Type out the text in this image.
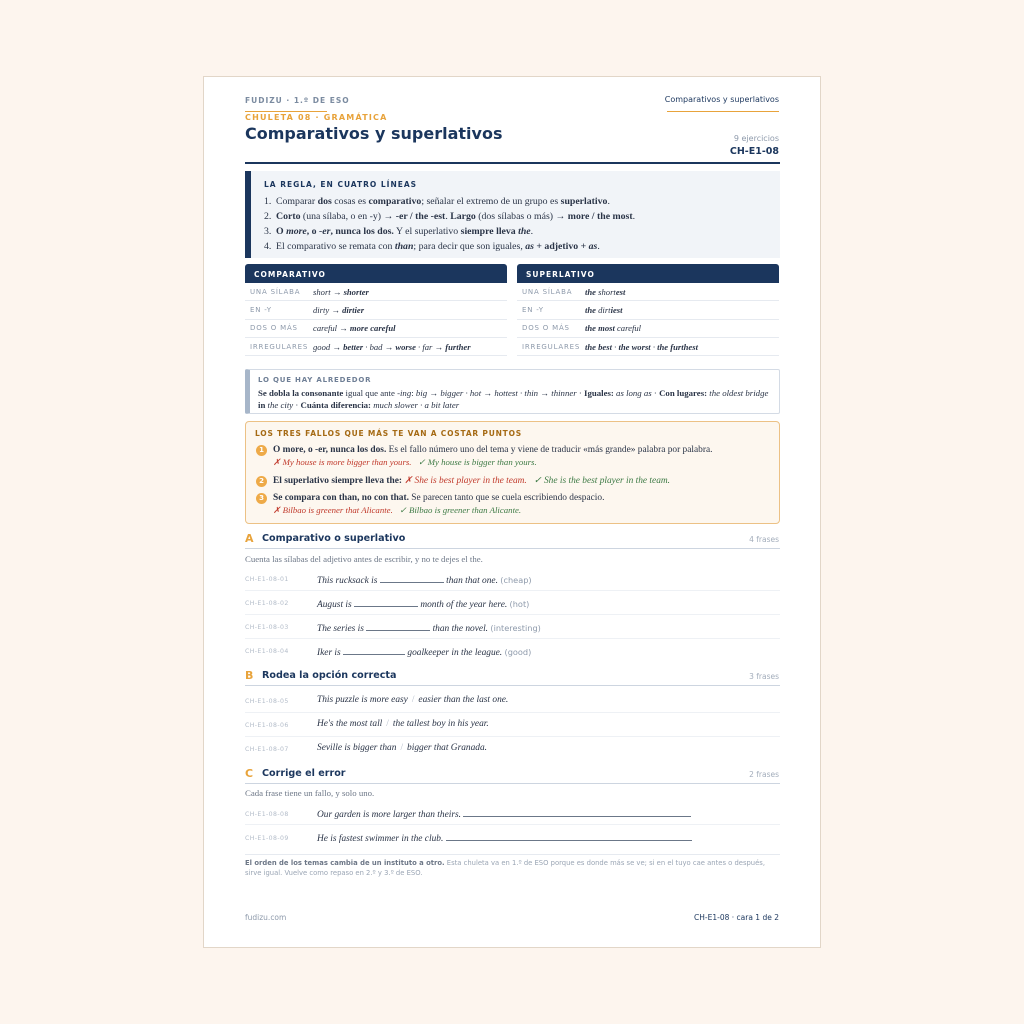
FUDIZU · 1.º DE ESO	Comparativos y superlativos
CHULETA 08 · GRAMÁTICA
Comparativos y superlativos	9 ejercicios
CH-E1-08
LA REGLA, EN CUATRO LÍNEAS
1. Comparar dos cosas es comparativo; señalar el extremo de un grupo es superlativo.
2. Corto (una sílaba, o en -y) → -er / the -est. Largo (dos sílabas o más) → more / the most.
3. O more, o -er, nunca los dos. Y el superlativo siempre lleva the.
4. El comparativo se remata con than; para decir que son iguales, as + adjetivo + as.
COMPARATIVO
UNA SÍLABA	short → shorter
EN -Y	dirty → dirtier
DOS O MÁS	careful → more careful
IRREGULARES good → better · bad → worse · far → further
SUPERLATIVO
UNA SÍLABA	the shortest
EN -Y	the dirtiest
DOS O MÁS	the most careful
IRREGULARES the best · the worst · the furthest
LO QUE HAY ALREDEDOR
Se dobla la consonante igual que ante -ing: big → bigger · hot → hottest · thin → thinner · Iguales: as long as · Con lugares: the oldest bridge in the city · Cuánta diferencia: much slower · a bit later
LOS TRES FALLOS QUE MÁS TE VAN A COSTAR PUNTOS
1 O more, o -er, nunca los dos. Es el fallo número uno del tema y viene de traducir «más grande» palabra por palabra.
✗ My house is more bigger than yours. ✓ My house is bigger than yours.
2 El superlativo siempre lleva the: ✗ She is best player in the team. ✓ She is the best player in the team.
3 Se compara con than, no con that. Se parecen tanto que se cuela escribiendo despacio.
✗ Bilbao is greener that Alicante. ✓ Bilbao is greener than Alicante.
A Comparativo o superlativo	4 frases
Cuenta las sílabas del adjetivo antes de escribir, y no te dejes el the.
CH-E1-08-01	This rucksack is	than that one. (cheap)
CH-E1-08-02	August is	month of the year here. (hot)
CH-E1-08-03	The series is	than the novel. (interesting)
CH-E1-08-04	Iker is	goalkeeper in the league. (good)
B Rodea la opción correcta	3 frases
CH-E1-08-05	This puzzle is more easy / easier than the last one.
CH-E1-08-06	He's the most tall / the tallest boy in his year.
CH-E1-08-07	Seville is bigger than / bigger that Granada.
C Corrige el error	2 frases
Cada frase tiene un fallo, y solo uno.
CH-E1-08-08	Our garden is more larger than theirs.
CH-E1-08-09	He is fastest swimmer in the club.
El orden de los temas cambia de un instituto a otro. Esta chuleta va en 1.º de ESO porque es donde más se ve; si en el tuyo cae antes o después, sirve igual. Vuelve como repaso en 2.º y 3.º de ESO.
fudizu.com	CH-E1-08 · cara 1 de 2
